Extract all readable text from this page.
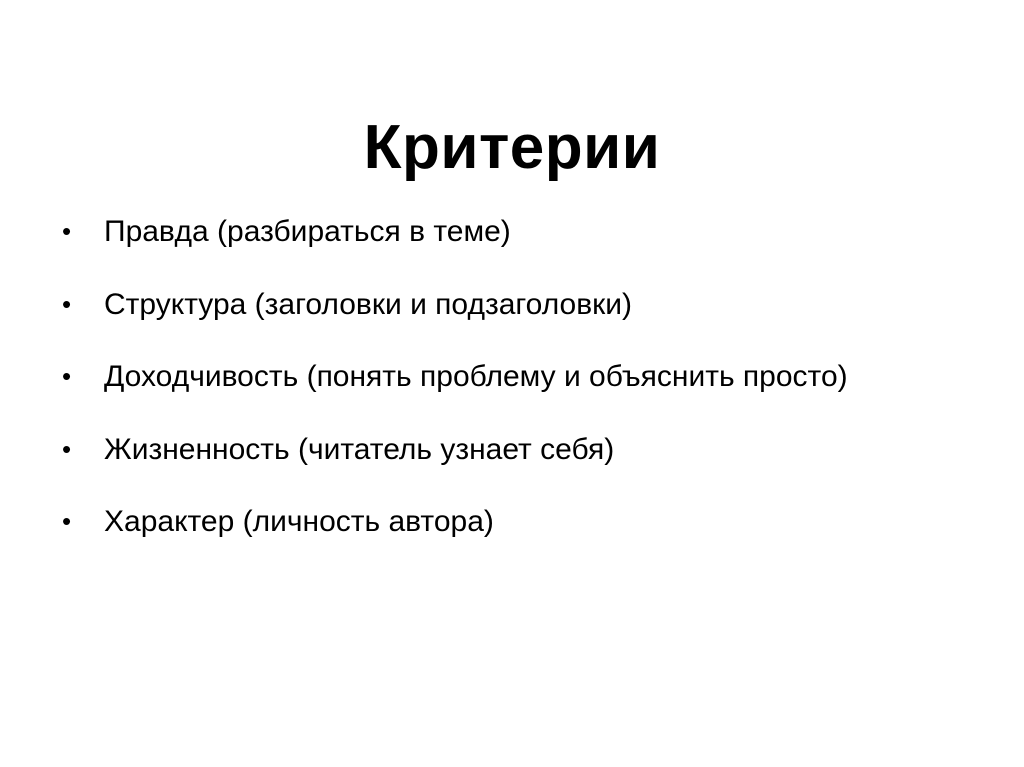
Критерии
•	Правда (разбираться в теме)
•	Структура (заголовки и подзаголовки)
•	Доходчивость (понять проблему и объяснить просто)
•	Жизненность (читатель узнает себя)
•	Характер (личность автора)
